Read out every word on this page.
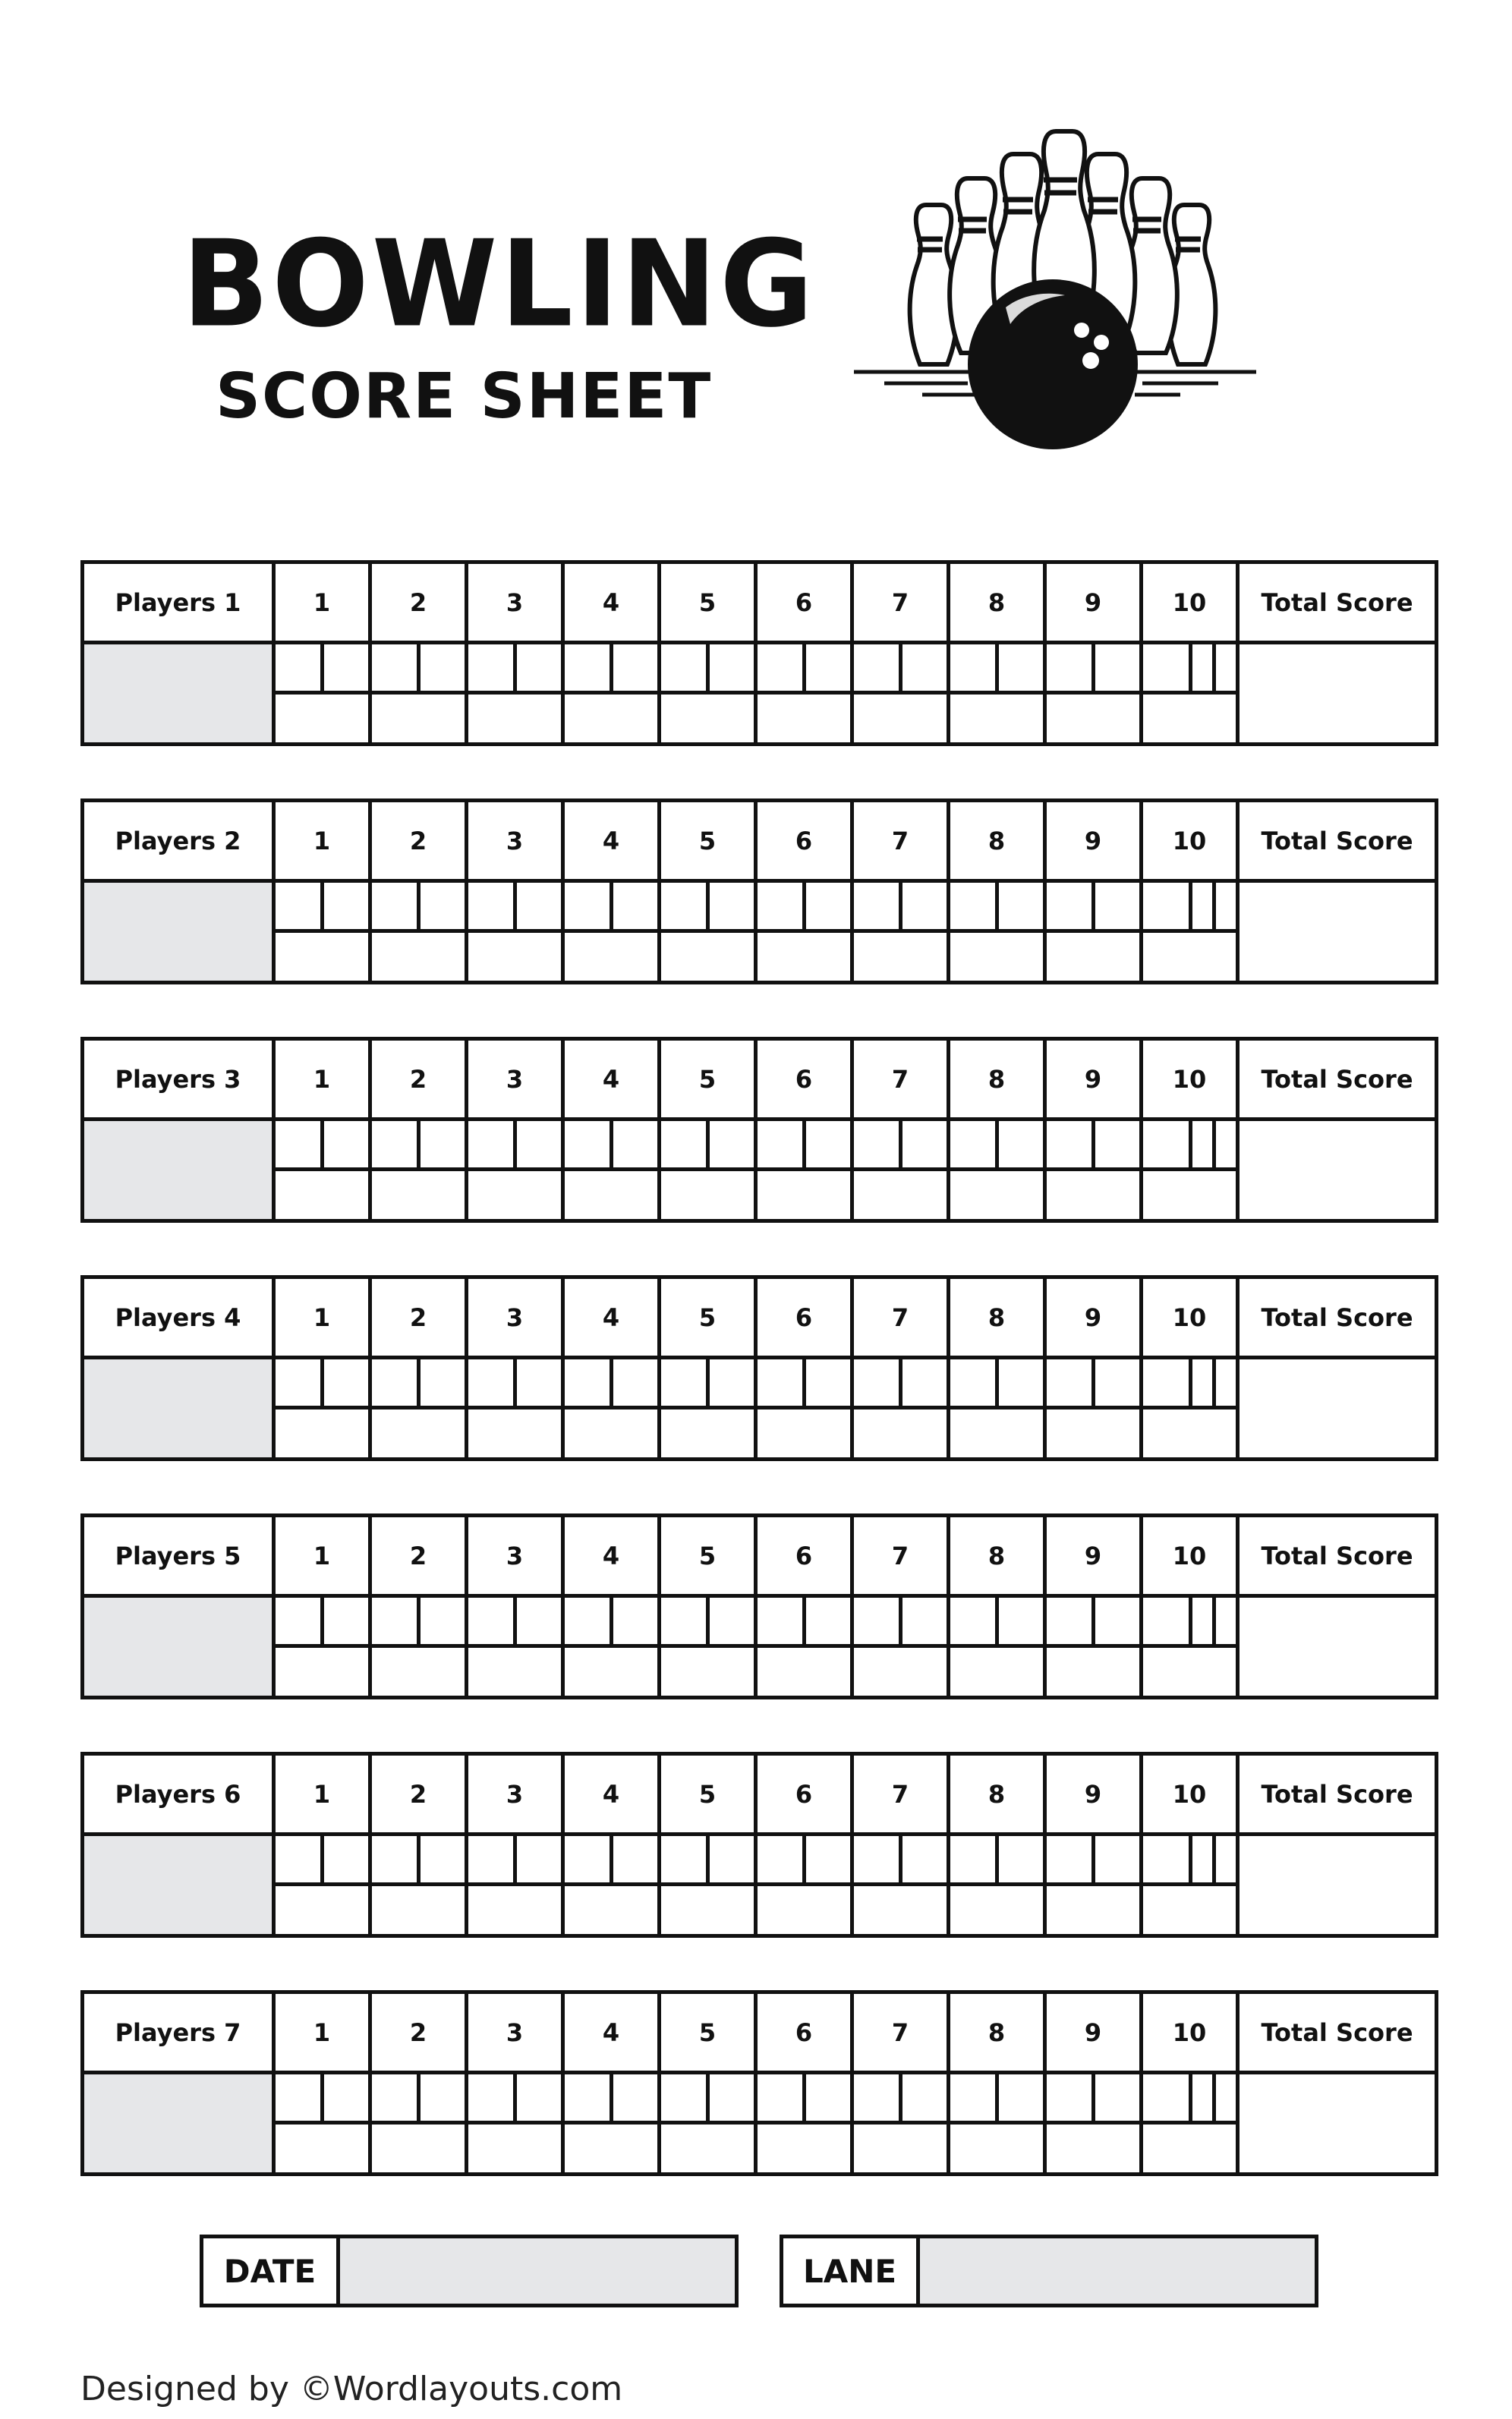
BOWLING
SCORE SHEET
Players 1	1	2	3	4	5	6	7	8	9	10	Total Score

Players 2	1	2	3	4	5	6	7	8	9	10	Total Score

Players 3	1	2	3	4	5	6	7	8	9	10	Total Score

Players 4	1	2	3	4	5	6	7	8	9	10	Total Score

Players 5	1	2	3	4	5	6	7	8	9	10	Total Score

Players 6	1	2	3	4	5	6	7	8	9	10	Total Score

Players 7	1	2	3	4	5	6	7	8	9	10	Total Score

DATE	LANE
Designed by ©Wordlayouts.com
